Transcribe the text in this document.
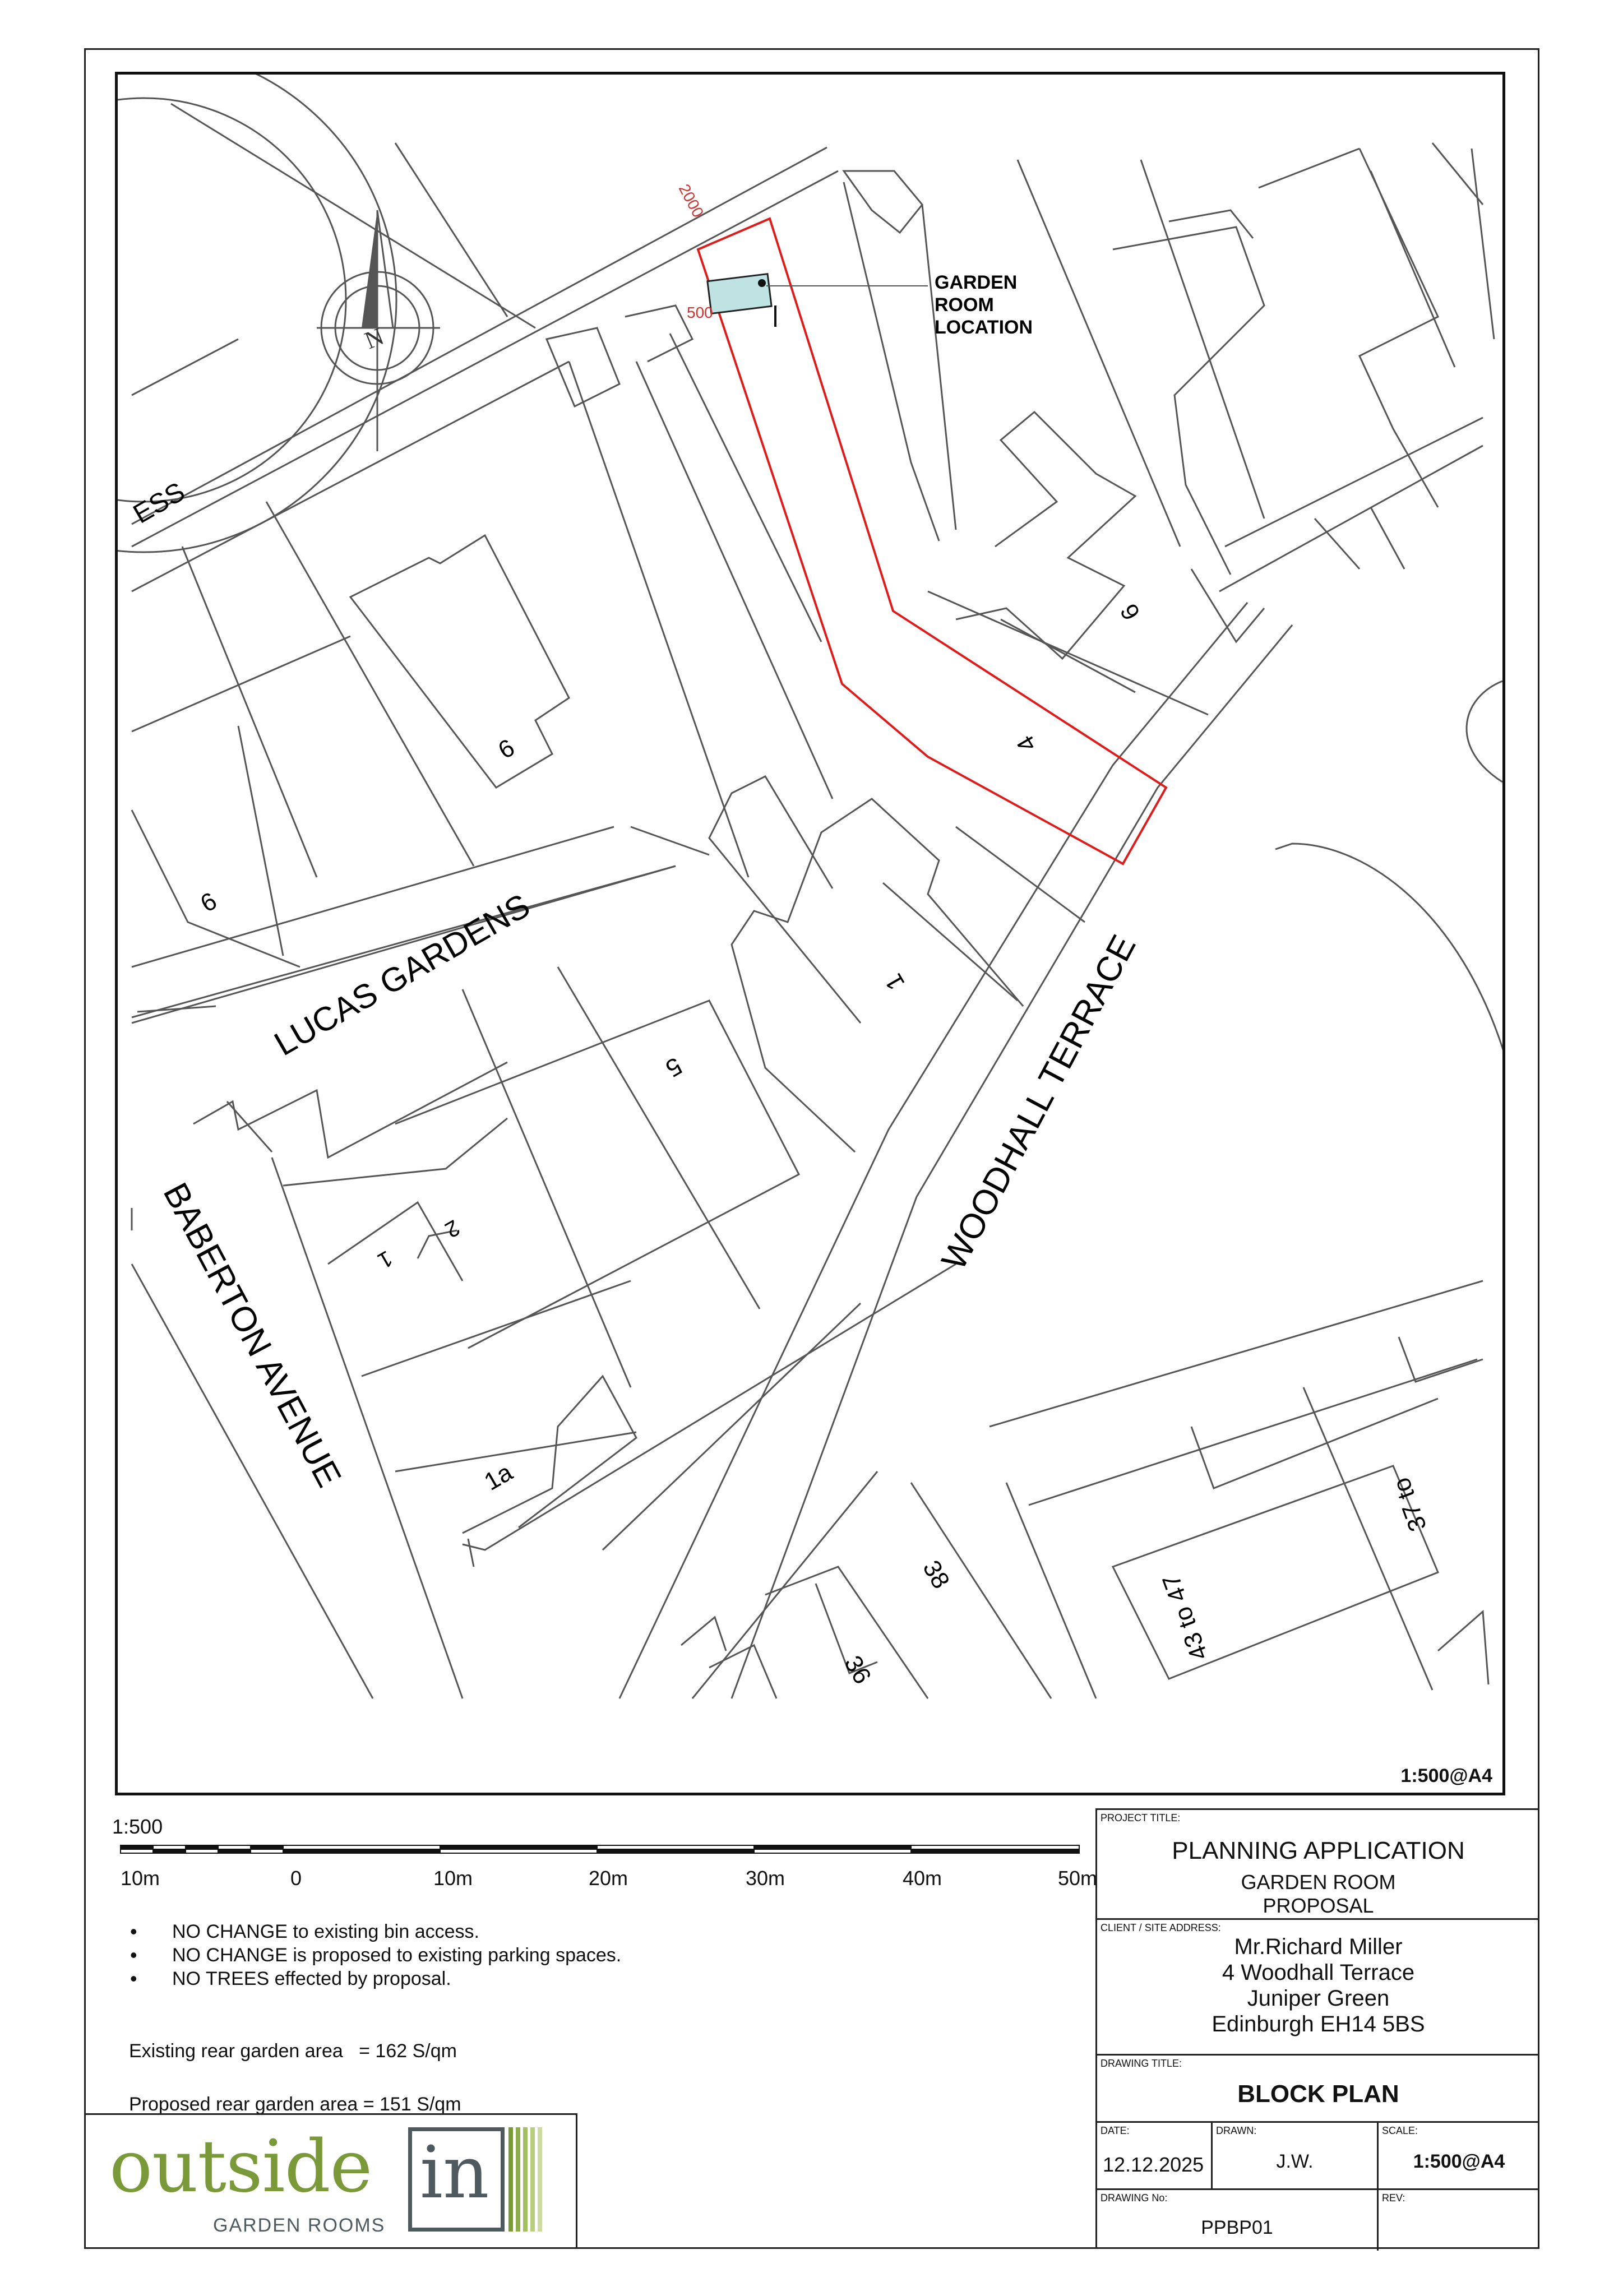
N
2000
500
GARDEN
ROOM
LOCATION
ESS
LUCAS GARDENS	WOODHALL TERRACE
BABERTON AVENUE
6
4
6
9
1
5
2
1
1a
38
36
43 to 47
37 to
1:500@A4
1:500
10m	0	10m	20m	30m	40m	50m
• NO CHANGE to existing bin access.
• NO CHANGE is proposed to existing parking spaces.
• NO TREES effected by proposal.
Existing rear garden area   = 162 S/qm
Proposed rear garden area = 151 S/qm
outside in
GARDEN ROOMS
PROJECT TITLE:
PLANNING APPLICATION
GARDEN ROOM
PROPOSAL
CLIENT / SITE ADDRESS:
Mr.Richard Miller
4 Woodhall Terrace
Juniper Green
Edinburgh EH14 5BS
DRAWING TITLE:
BLOCK PLAN
DATE:
12.12.2025
DRAWN:
J.W.
SCALE:
1:500@A4
DRAWING No:
PPBP01
REV:
